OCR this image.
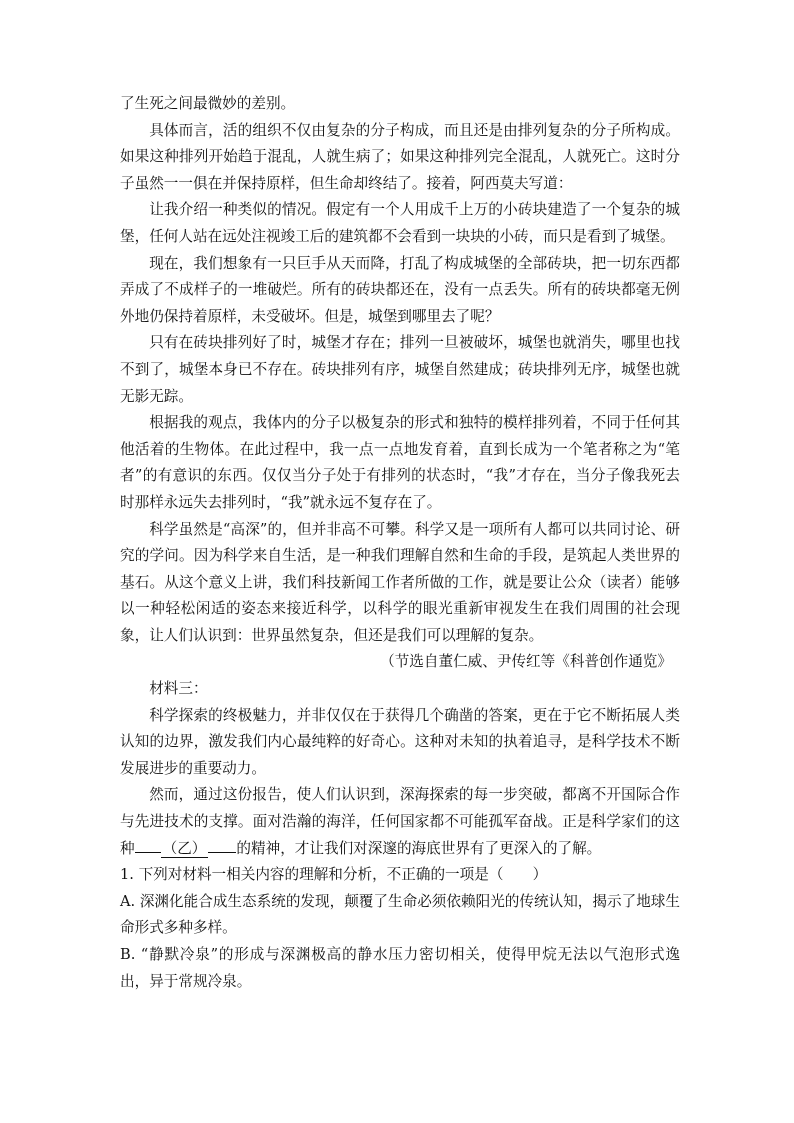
了生死之间最微妙的差别。

具体而言，活的组织不仅由复杂的分子构成，而且还是由排列复杂的分子所构成。如果这种排列开始趋于混乱，人就生病了；如果这种排列完全混乱，人就死亡。这时分子虽然一一俱在并保持原样，但生命却终结了。接着，阿西莫夫写道：

让我介绍一种类似的情况。假定有一个人用成千上万的小砖块建造了一个复杂的城堡，任何人站在远处注视竣工后的建筑都不会看到一块块的小砖，而只是看到了城堡。

现在，我们想象有一只巨手从天而降，打乱了构成城堡的全部砖块，把一切东西都弄成了不成样子的一堆破烂。所有的砖块都还在，没有一点丢失。所有的砖块都毫无例外地仍保持着原样，未受破坏。但是，城堡到哪里去了呢？

只有在砖块排列好了时，城堡才存在；排列一旦被破坏，城堡也就消失，哪里也找不到了，城堡本身已不存在。砖块排列有序，城堡自然建成；砖块排列无序，城堡也就无影无踪。

根据我的观点，我体内的分子以极复杂的形式和独特的模样排列着，不同于任何其他活着的生物体。在此过程中，我一点一点地发育着，直到长成为一个笔者称之为“笔者”的有意识的东西。仅仅当分子处于有排列的状态时，“我”才存在，当分子像我死去时那样永远失去排列时，“我”就永远不复存在了。

科学虽然是“高深”的，但并非高不可攀。科学又是一项所有人都可以共同讨论、研究的学问。因为科学来自生活，是一种我们理解自然和生命的手段，是筑起人类世界的基石。从这个意义上讲，我们科技新闻工作者所做的工作，就是要让公众（读者）能够以一种轻松闲适的姿态来接近科学，以科学的眼光重新审视发生在我们周围的社会现象，让人们认识到：世界虽然复杂，但还是我们可以理解的复杂。

（节选自董仁威、尹传红等《科普创作通览》

材料三：

科学探索的终极魅力，并非仅仅在于获得几个确凿的答案，更在于它不断拓展人类认知的边界，激发我们内心最纯粹的好奇心。这种对未知的执着追寻，是科学技术不断发展进步的重要动力。

然而，通过这份报告，使人们认识到，深海探索的每一步突破，都离不开国际合作与先进技术的支撑。面对浩瀚的海洋，任何国家都不可能孤军奋战。正是科学家们的这种 （乙） 的精神，才让我们对深邃的海底世界有了更深入的了解。

1. 下列对材料一相关内容的理解和分析，不正确的一项是（　　）

A. 深渊化能合成生态系统的发现，颠覆了生命必须依赖阳光的传统认知，揭示了地球生命形式多种多样。

B. “静默冷泉”的形成与深渊极高的静水压力密切相关，使得甲烷无法以气泡形式逸出，异于常规冷泉。
